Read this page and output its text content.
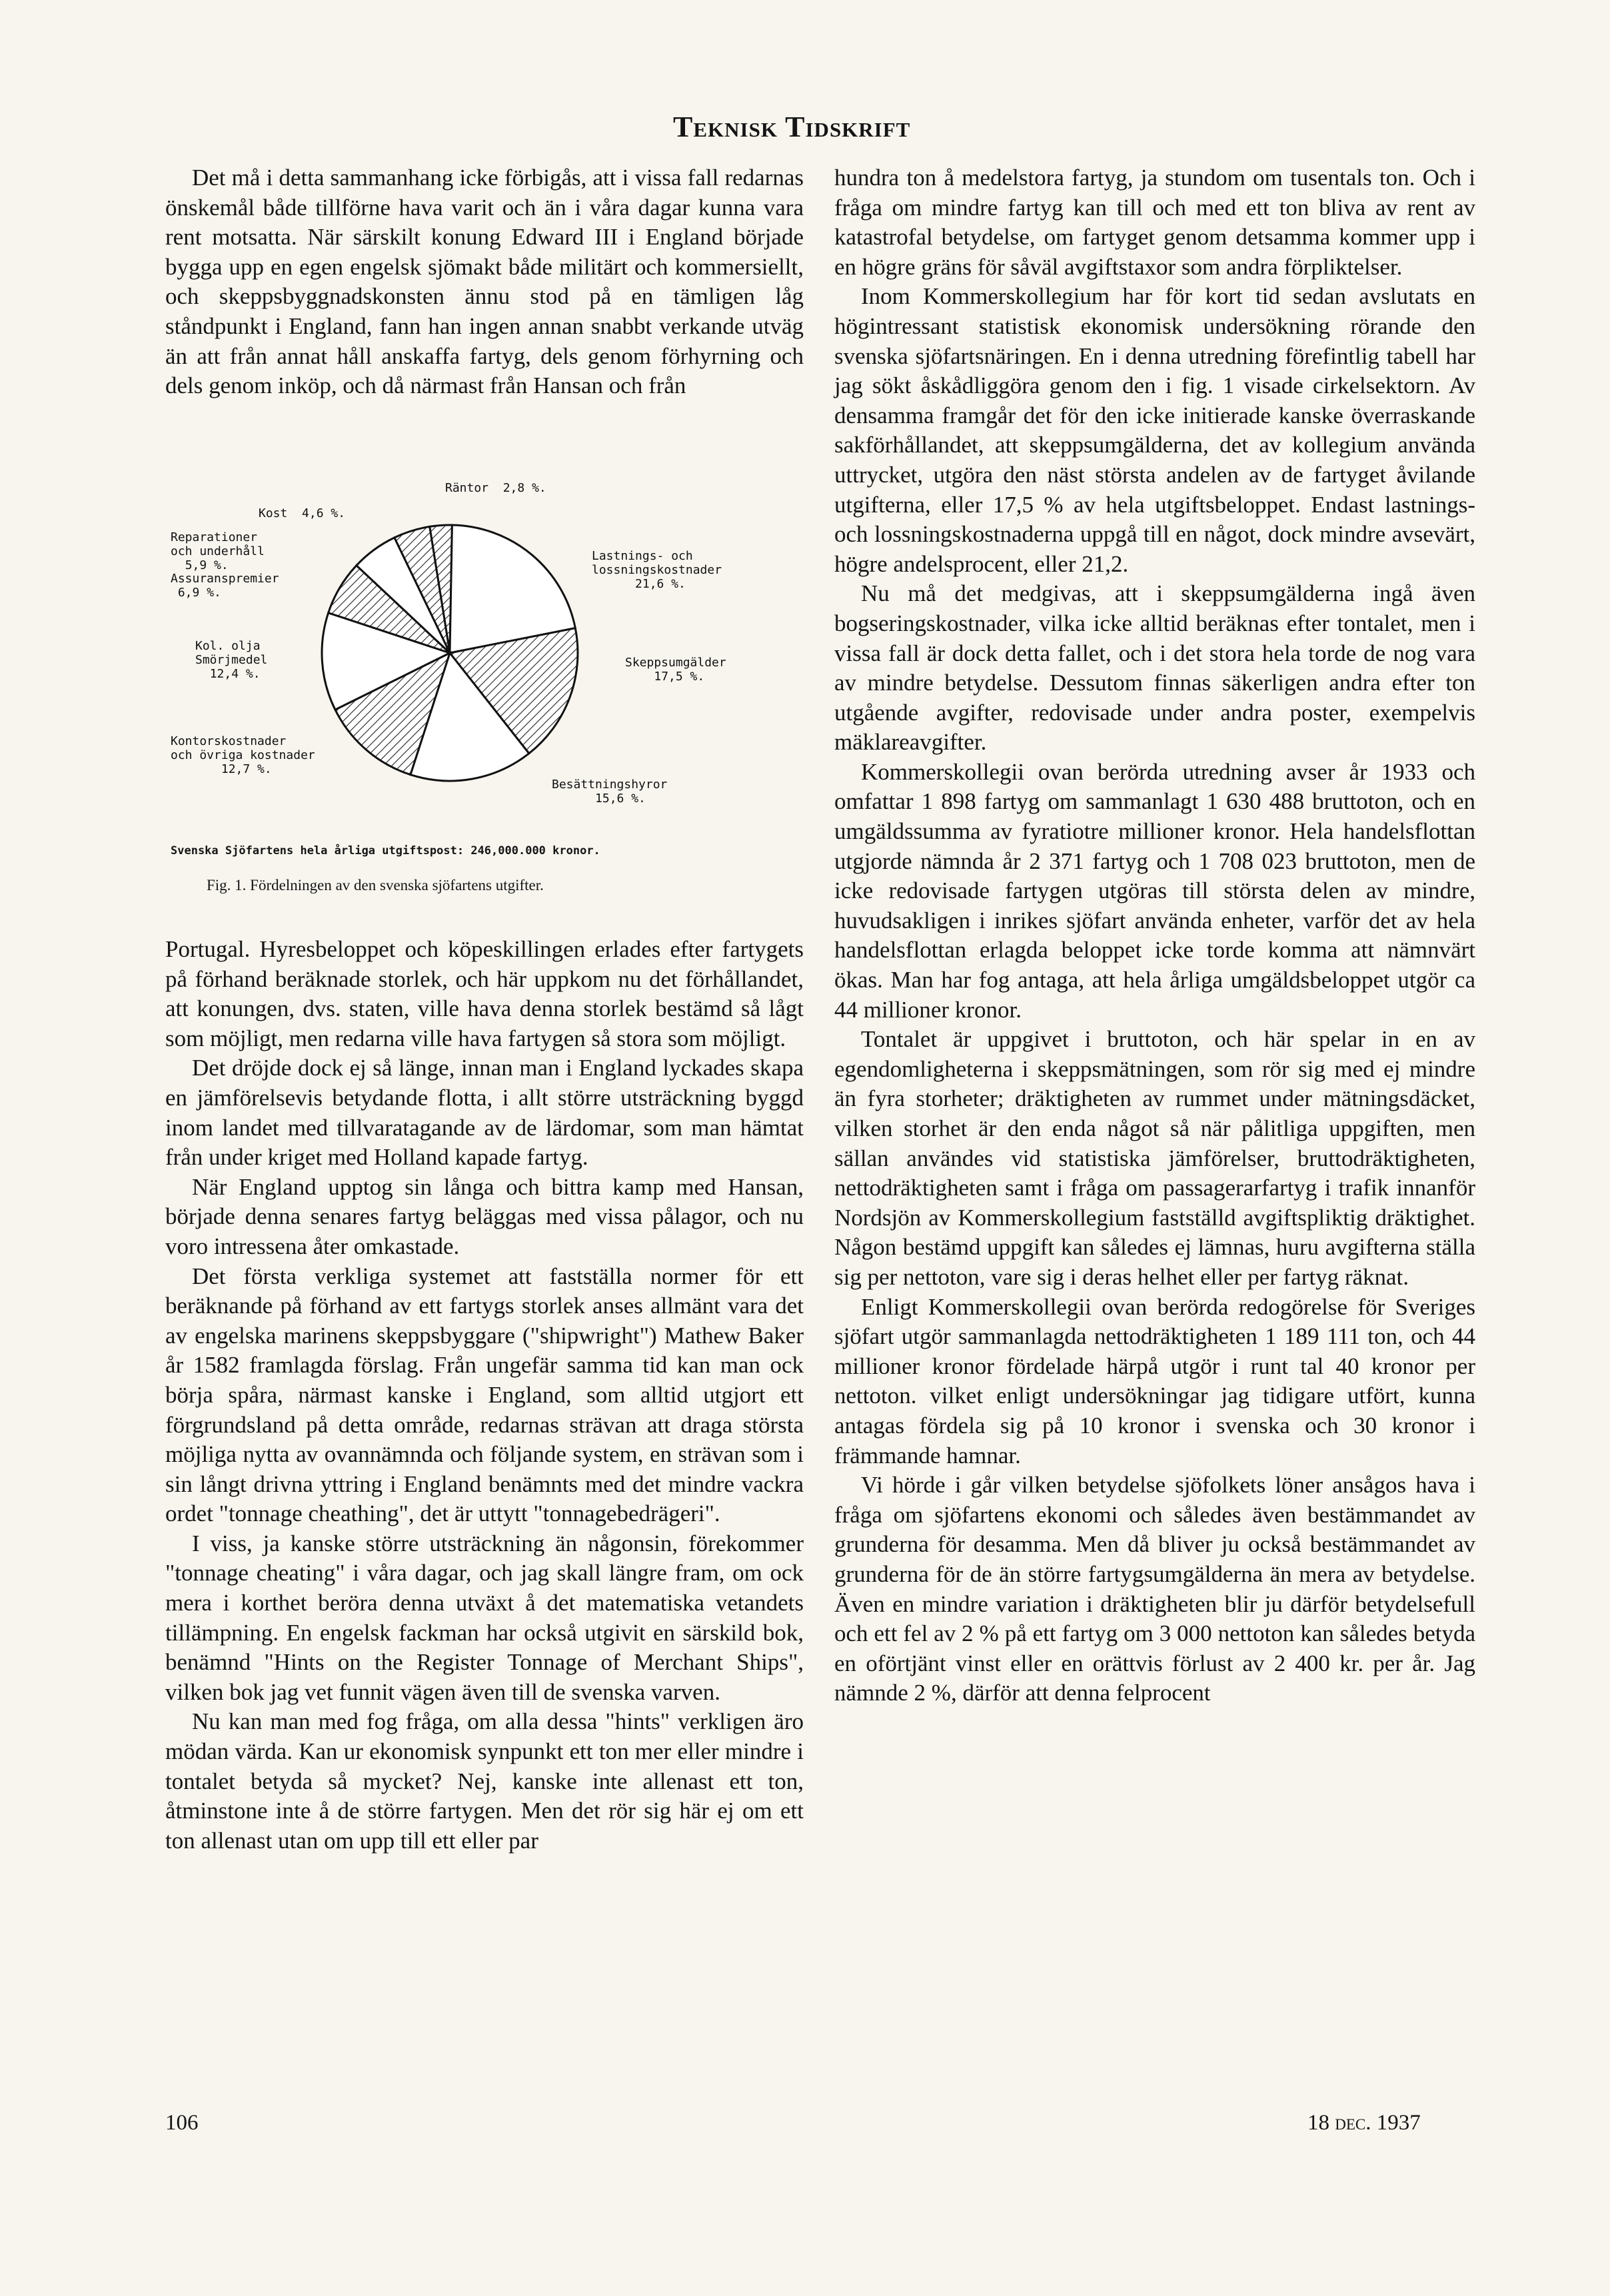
Teknisk Tidskrift

Det må i detta sammanhang icke förbigås, att i vissa fall redarnas önskemål både tillförne hava varit och än i våra dagar kunna vara rent motsatta. När särskilt konung Edward III i England började bygga upp en egen engelsk sjömakt både militärt och kommersiellt, och skeppsbyggnadskonsten ännu stod på en tämligen låg ståndpunkt i England, fann han ingen annan snabbt verkande utväg än att från annat håll anskaffa fartyg, dels genom förhyrning och dels genom inköp, och då närmast från Hansan och från

Räntor 2,8 %.
Lastnings- och
lossningskostnader
21,6 %.
Skeppsumgälder
17,5 %.
Besättningshyror
15,6 %.
Kontorskostnader
och övriga kostnader
12,7 %.
Kol. olja
Smörjmedel
12,4 %.
Assuranspremier
6,9 %.
Reparationer
och underhåll
5,9 %.
Kost 4,6 %.
Svenska Sjöfartens hela årliga utgiftspost: 246,000.000 kronor.
Fig. 1. Fördelningen av den svenska sjöfartens utgifter.

Portugal. Hyresbeloppet och köpeskillingen erlades efter fartygets på förhand beräknade storlek, och här uppkom nu det förhållandet, att konungen, dvs. staten, ville hava denna storlek bestämd så lågt som möjligt, men redarna ville hava fartygen så stora som möjligt.

Det dröjde dock ej så länge, innan man i England lyckades skapa en jämförelsevis betydande flotta, i allt större utsträckning byggd inom landet med tillvaratagande av de lärdomar, som man hämtat från under kriget med Holland kapade fartyg.

När England upptog sin långa och bittra kamp med Hansan, började denna senares fartyg beläggas med vissa pålagor, och nu voro intressena åter omkastade.

Det första verkliga systemet att fastställa normer för ett beräknande på förhand av ett fartygs storlek anses allmänt vara det av engelska marinens skeppsbyggare ("shipwright") Mathew Baker år 1582 framlagda förslag. Från ungefär samma tid kan man ock börja spåra, närmast kanske i England, som alltid utgjort ett förgrundsland på detta område, redarnas strävan att draga största möjliga nytta av ovannämnda och följande system, en strävan som i sin långt drivna yttring i England benämnts med det mindre vackra ordet "tonnage cheathing", det är uttytt "tonnagebedrägeri".

I viss, ja kanske större utsträckning än någonsin, förekommer "tonnage cheating" i våra dagar, och jag skall längre fram, om ock mera i korthet beröra denna utväxt å det matematiska vetandets tillämpning. En engelsk fackman har också utgivit en särskild bok, benämnd "Hints on the Register Tonnage of Merchant Ships", vilken bok jag vet funnit vägen även till de svenska varven.

Nu kan man med fog fråga, om alla dessa "hints" verkligen äro mödan värda. Kan ur ekonomisk synpunkt ett ton mer eller mindre i tontalet betyda så mycket? Nej, kanske inte allenast ett ton, åtminstone inte å de större fartygen. Men det rör sig här ej om ett ton allenast utan om upp till ett eller par

hundra ton å medelstora fartyg, ja stundom om tusentals ton. Och i fråga om mindre fartyg kan till och med ett ton bliva av rent av katastrofal betydelse, om fartyget genom detsamma kommer upp i en högre gräns för såväl avgiftstaxor som andra förpliktelser.

Inom Kommerskollegium har för kort tid sedan avslutats en högintressant statistisk ekonomisk undersökning rörande den svenska sjöfartsnäringen. En i denna utredning förefintlig tabell har jag sökt åskådliggöra genom den i fig. 1 visade cirkelsektorn. Av densamma framgår det för den icke initierade kanske överraskande sakförhållandet, att skeppsumgälderna, det av kollegium använda uttrycket, utgöra den näst största andelen av de fartyget åvilande utgifterna, eller 17,5 % av hela utgiftsbeloppet. Endast lastnings- och lossningskostnaderna uppgå till en något, dock mindre avsevärt, högre andelsprocent, eller 21,2.

Nu må det medgivas, att i skeppsumgälderna ingå även bogseringskostnader, vilka icke alltid beräknas efter tontalet, men i vissa fall är dock detta fallet, och i det stora hela torde de nog vara av mindre betydelse. Dessutom finnas säkerligen andra efter ton utgående avgifter, redovisade under andra poster, exempelvis mäklareavgifter.

Kommerskollegii ovan berörda utredning avser år 1933 och omfattar 1 898 fartyg om sammanlagt 1 630 488 bruttoton, och en umgäldssumma av fyratiotre millioner kronor. Hela handelsflottan utgjorde nämnda år 2 371 fartyg och 1 708 023 bruttoton, men de icke redovisade fartygen utgöras till största delen av mindre, huvudsakligen i inrikes sjöfart använda enheter, varför det av hela handelsflottan erlagda beloppet icke torde komma att nämnvärt ökas. Man har fog antaga, att hela årliga umgäldsbeloppet utgör ca 44 millioner kronor.

Tontalet är uppgivet i bruttoton, och här spelar in en av egendomligheterna i skeppsmätningen, som rör sig med ej mindre än fyra storheter; dräktigheten av rummet under mätningsdäcket, vilken storhet är den enda något så när pålitliga uppgiften, men sällan användes vid statistiska jämförelser, bruttodräktigheten, nettodräktigheten samt i fråga om passagerarfartyg i trafik innanför Nordsjön av Kommerskollegium fastställd avgiftspliktig dräktighet. Någon bestämd uppgift kan således ej lämnas, huru avgifterna ställa sig per nettoton, vare sig i deras helhet eller per fartyg räknat.

Enligt Kommerskollegii ovan berörda redogörelse för Sveriges sjöfart utgör sammanlagda nettodräktigheten 1 189 111 ton, och 44 millioner kronor fördelade härpå utgör i runt tal 40 kronor per nettoton. vilket enligt undersökningar jag tidigare utfört, kunna antagas fördela sig på 10 kronor i svenska och 30 kronor i främmande hamnar.

Vi hörde i går vilken betydelse sjöfolkets löner ansågos hava i fråga om sjöfartens ekonomi och således även bestämmandet av grunderna för desamma. Men då bliver ju också bestämmandet av grunderna för de än större fartygsumgälderna än mera av betydelse. Även en mindre variation i dräktigheten blir ju därför betydelsefull och ett fel av 2 % på ett fartyg om 3 000 nettoton kan således betyda en oförtjänt vinst eller en orättvis förlust av 2 400 kr. per år. Jag nämnde 2 %, därför att denna felprocent

106	18 dec. 1937
